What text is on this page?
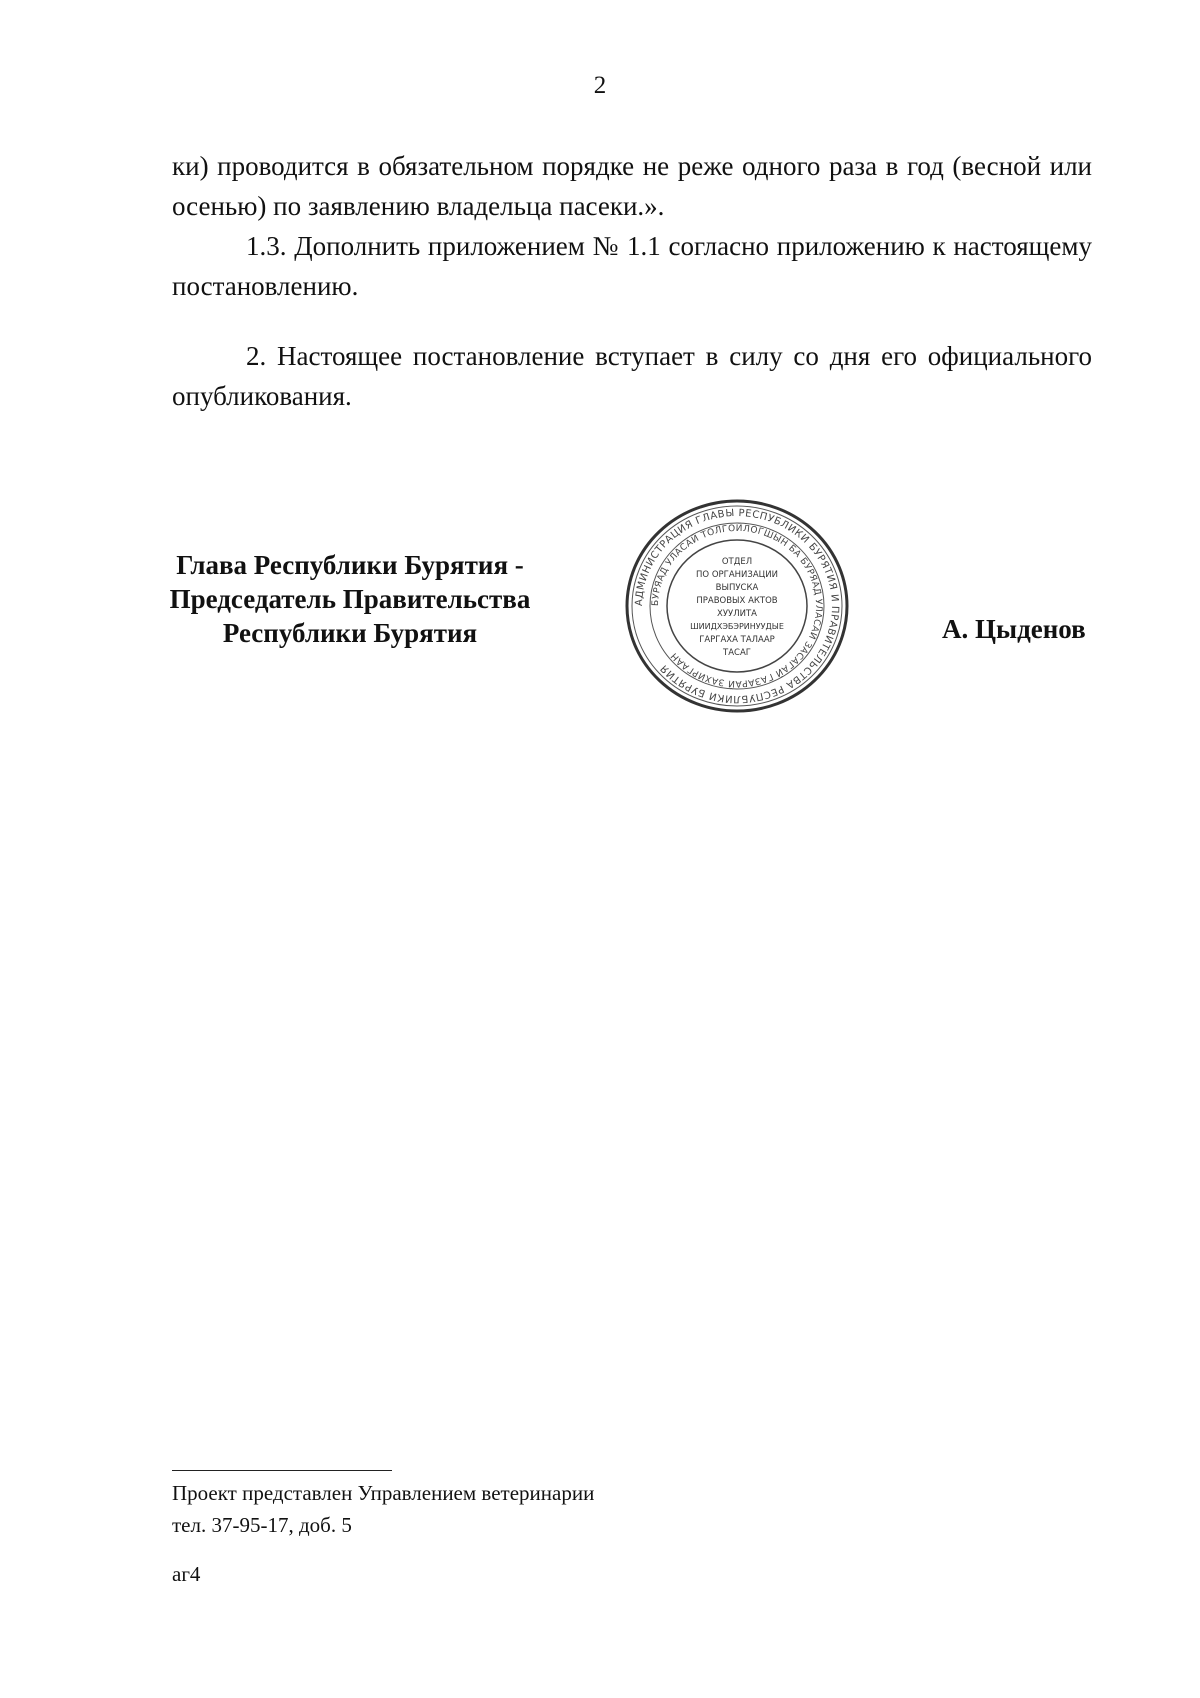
2

ки) проводится в обязательном порядке не реже одного раза в год (весной или осенью) по заявлению владельца пасеки.».

1.3. Дополнить приложением № 1.1 согласно приложению к настоящему постановлению.

2. Настоящее постановление вступает в силу со дня его официального опубликования.

Глава Республики Бурятия -
Председатель Правительства
Республики Бурятия
АДМИНИСТРАЦИЯ ГЛАВЫ РЕСПУБЛИКИ БУРЯТИЯ И ПРАВИТЕЛЬСТВА РЕСПУБЛИКИ БУРЯТИЯ
БУРЯАД УЛАСАЙ ТОЛГОЙЛОГШЫН БА БУРЯАД УЛАСАЙ ЗАСАГАЙ ГАЗАРАЙ ЗАХИРГААН
ОТДЕЛ
ПО ОРГАНИЗАЦИИ
ВЫПУСКА
ПРАВОВЫХ АКТОВ
ХУУЛИТА
ШИИДХЭБЭРИНУУДЫЕ
ГАРГАХА ТАЛААР
ТАСАГ
А. Цыденов
Проект представлен Управлением ветеринарии
тел. 37-95-17, доб. 5
аг4
